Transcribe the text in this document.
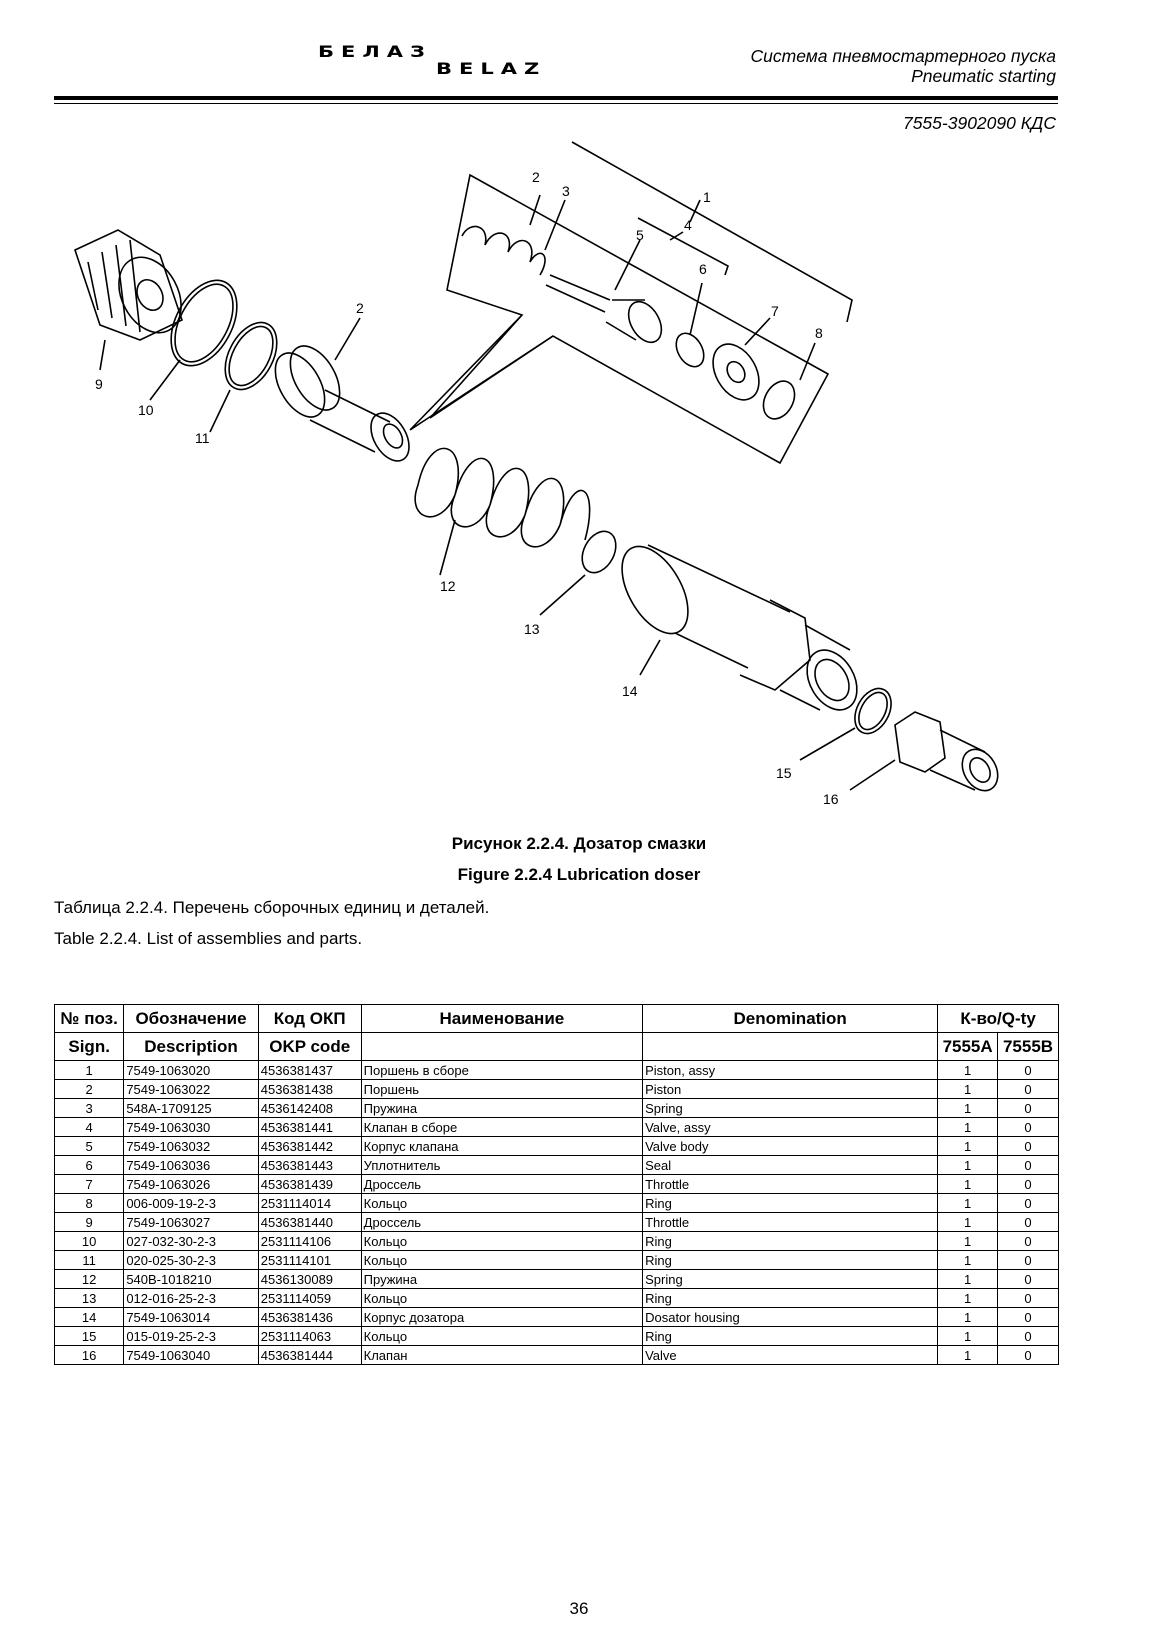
БЕЛАЗ
BELAZ
Система пневмостартерного пуска
Pneumatic starting
7555-3902090 КДС
1
2
3
4
5
6
7
8
9
10
11
2
12
13
14
15
16
Рисунок 2.2.4. Дозатор смазки
Figure 2.2.4 Lubrication doser
Таблица 2.2.4. Перечень сборочных единиц и деталей.
Table 2.2.4. List of assemblies and parts.
№ поз.	Обозначение	Код ОКП	Наименование	Denomination	К-во/Q-ty	
Sign.	Description	OKP code			7555A	7555B
1	7549-1063020	4536381437	Поршень в сборе	Piston, assy	1	0
2	7549-1063022	4536381438	Поршень	Piston	1	0
3	548A-1709125	4536142408	Пружина	Spring	1	0
4	7549-1063030	4536381441	Клапан в сборе	Valve, assy	1	0
5	7549-1063032	4536381442	Корпус клапана	Valve body	1	0
6	7549-1063036	4536381443	Уплотнитель	Seal	1	0
7	7549-1063026	4536381439	Дроссель	Throttle	1	0
8	006-009-19-2-3	2531114014	Кольцо	Ring	1	0
9	7549-1063027	4536381440	Дроссель	Throttle	1	0
10	027-032-30-2-3	2531114106	Кольцо	Ring	1	0
11	020-025-30-2-3	2531114101	Кольцо	Ring	1	0
12	540B-1018210	4536130089	Пружина	Spring	1	0
13	012-016-25-2-3	2531114059	Кольцо	Ring	1	0
14	7549-1063014	4536381436	Корпус дозатора	Dosator housing	1	0
15	015-019-25-2-3	2531114063	Кольцо	Ring	1	0
16	7549-1063040	4536381444	Клапан	Valve	1	0
36
